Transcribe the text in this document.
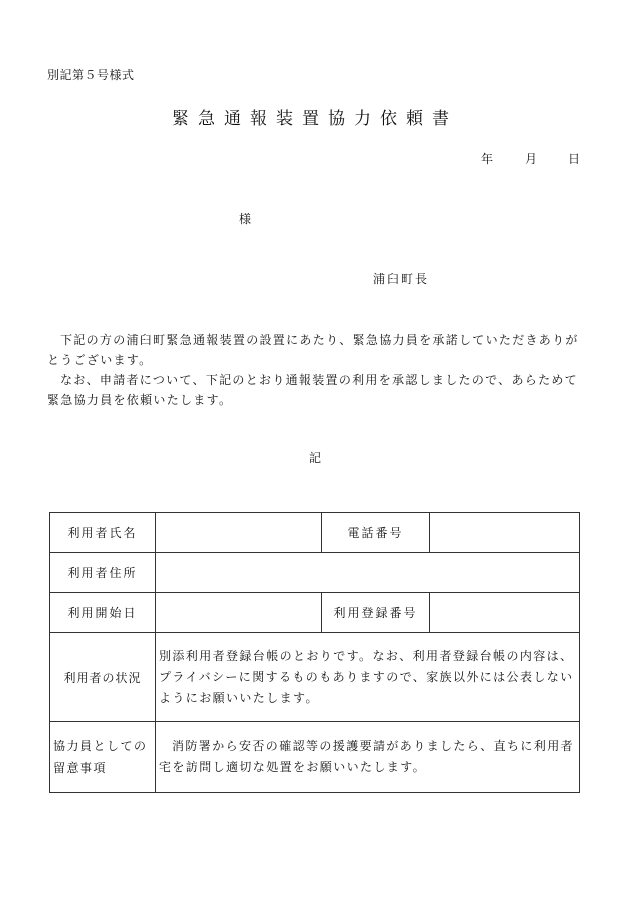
別記第５号様式
緊急通報装置協力依頼書
年	月	日
様
浦臼町長

下記の方の浦臼町緊急通報装置の設置にあたり、緊急協力員を承諾していただきありがとうございます。

なお、申請者について、下記のとおり通報装置の利用を承認しましたので、あらためて緊急協力員を依頼いたします。

記
利用者氏名		電話番号	
利用者住所			
利用開始日		利用登録番号	
利用者の状況	別添利用者登録台帳のとおりです。なお、利用者登録台帳の内容は、プライバシーに関するものもありますので、家族以外には公表しないようにお願いいたします。		

協力員としての
留意事項	消防署から安否の確認等の援護要請がありましたら、直ちに利用者宅を訪問し適切な処置をお願いいたします。		
